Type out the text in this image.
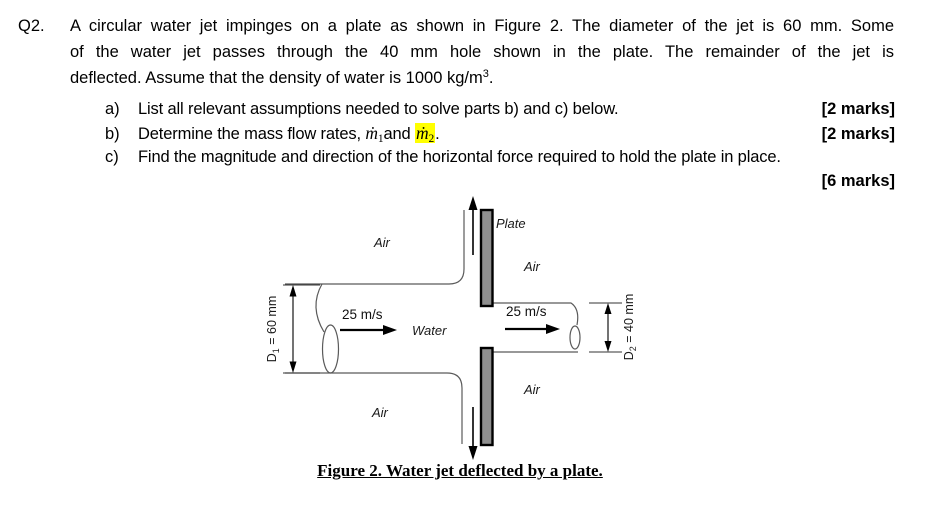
Q2. A circular water jet impinges on a plate as shown in Figure 2. The diameter of the jet is 60 mm. Some
of the water jet passes through the 40 mm hole shown in the plate. The remainder of the jet is
deflected. Assume that the density of water is 1000 $kg/m^3$.
a)	List all relevant assumptions needed to solve parts b) and c) below.	[2 marks]
b)	Determine the mass flow rates, ṁ$_1$and ṁ$_2$.	[2 marks]
c)	Find the magnitude and direction of the horizontal force required to hold the plate in place.
[6 marks]
Air
Plate
Air
25 m/s
Water
25 m/s
Air
Air
$D_1 = 60$ mm
$D_2 = 40$ mm
Figure 2. Water jet deflected by a plate.
